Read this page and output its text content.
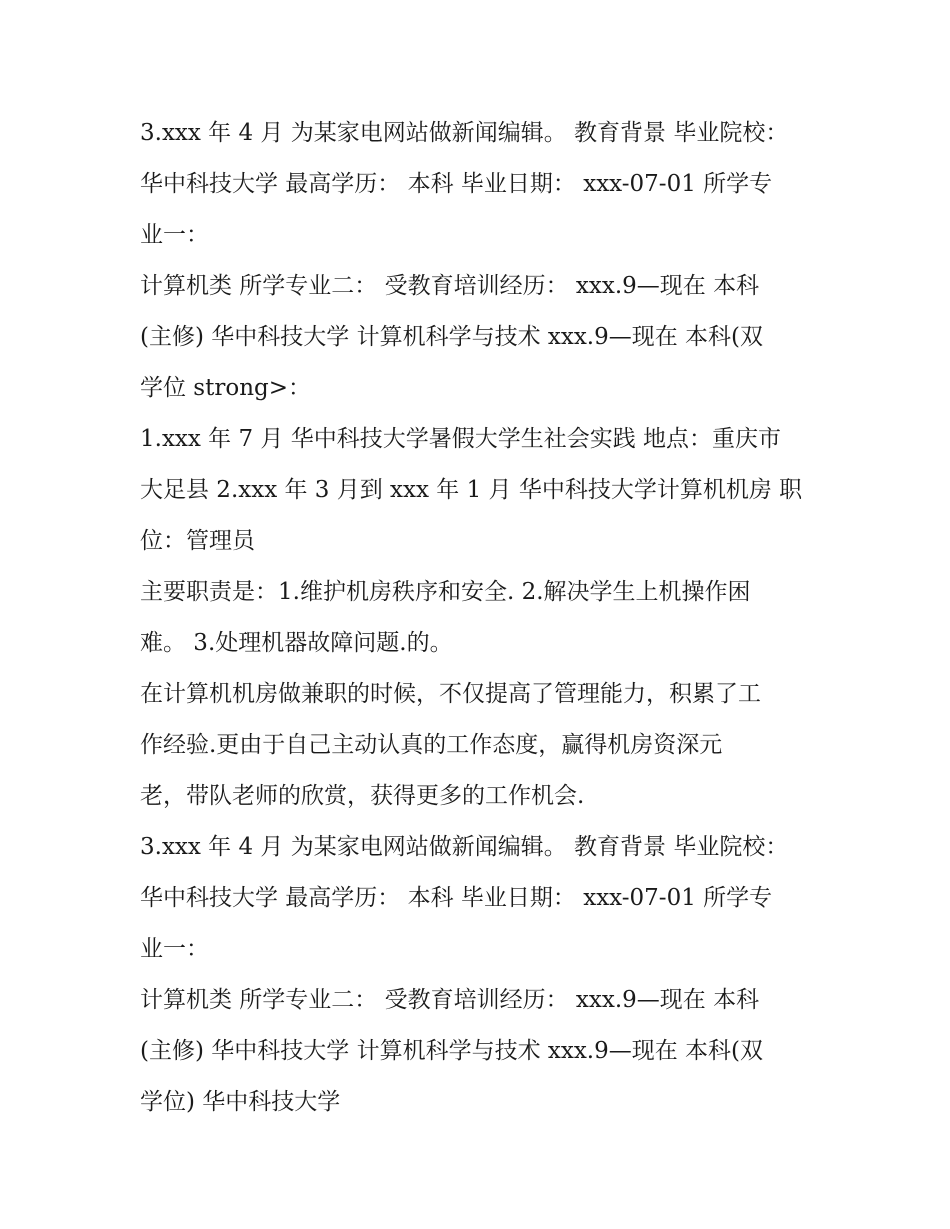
3.xxx 年 4 月 为某家电网站做新闻编辑。 教育背景 毕业院校：
华中科技大学 最高学历： 本科 毕业日期： xxx-07-01 所学专
业一：
计算机类 所学专业二： 受教育培训经历： xxx.9—现在 本科
(主修) 华中科技大学 计算机科学与技术 xxx.9—现在 本科(双
学位 strong>：
1.xxx 年 7 月 华中科技大学暑假大学生社会实践 地点：重庆市
大足县 2.xxx 年 3 月到 xxx 年 1 月 华中科技大学计算机机房 职
位：管理员
主要职责是：1.维护机房秩序和安全. 2.解决学生上机操作困
难。 3.处理机器故障问题.的。
在计算机机房做兼职的时候，不仅提高了管理能力，积累了工
作经验.更由于自己主动认真的工作态度，赢得机房资深元
老，带队老师的欣赏，获得更多的工作机会.
3.xxx 年 4 月 为某家电网站做新闻编辑。 教育背景 毕业院校：
华中科技大学 最高学历： 本科 毕业日期： xxx-07-01 所学专
业一：
计算机类 所学专业二： 受教育培训经历： xxx.9—现在 本科
(主修) 华中科技大学 计算机科学与技术 xxx.9—现在 本科(双
学位) 华中科技大学
